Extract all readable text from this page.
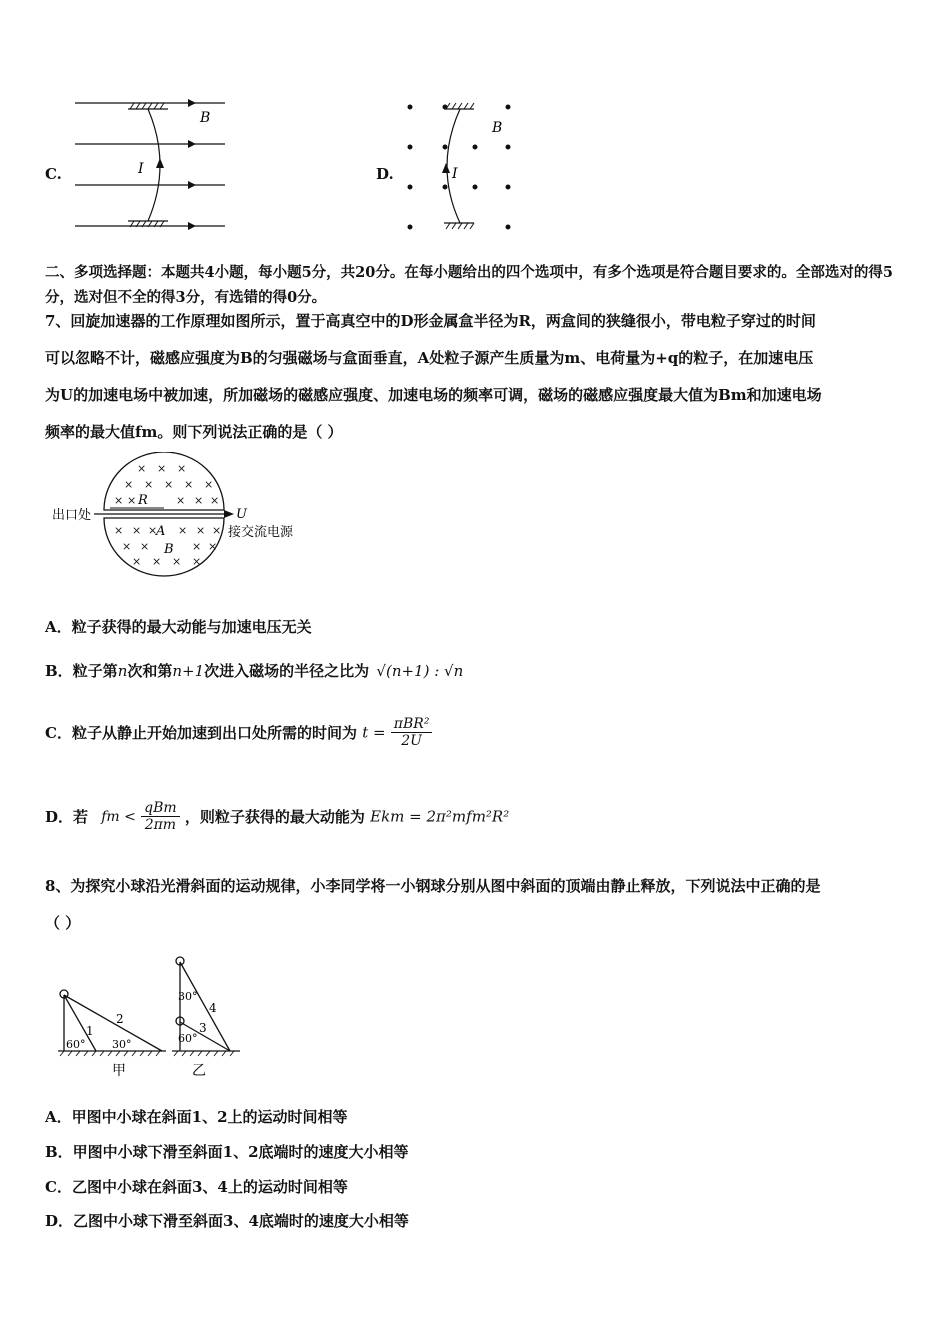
C.
B
I	D.
B
I
二、多项选择题：本题共4小题，每小题5分，共20分。在每小题给出的四个选项中，有多个选项是符合题目要求的。全部选对的得5分，选对但不全的得3分，有选错的得0分。
7、回旋加速器的工作原理如图所示，置于高真空中的D形金属盒半径为R，两盒间的狭缝很小，带电粒子穿过的时间
可以忽略不计，磁感应强度为B的匀强磁场与盒面垂直，A处粒子源产生质量为m、电荷量为+q的粒子，在加速电压
为U的加速电场中被加速，所加磁场的磁感应强度、加速电场的频率可调，磁场的磁感应强度最大值为Bm和加速电场
频率的最大值fm。则下列说法正确的是（ ）
× × ×
× × × × ×
× ×	× × ×
× × × × × ×
× ×	× ×
× × × ×
R
A
B
出口处	U
接交流电源
A．粒子获得的最大动能与加速电压无关
B．粒子第n次和第n+1次进入磁场的半径之比为 √(n+1) : √n
C．粒子从静止开始加速到出口处所需的时间为 $t = \frac{\text{πBR²}}{2U}$
D．若 fm < $\frac{\text{qBm}}{2\pi m}$ ，则粒子获得的最大动能为 Ekm = 2π²mfm²R²
8、为探究小球沿光滑斜面的运动规律，小李同学将一小钢球分别从图中斜面的顶端由静止释放，下列说法中正确的是
（ ）
1
2
60° 30°
甲
4
3
30°
60°
乙
A．甲图中小球在斜面1、2上的运动时间相等
B．甲图中小球下滑至斜面1、2底端时的速度大小相等
C．乙图中小球在斜面3、4上的运动时间相等
D．乙图中小球下滑至斜面3、4底端时的速度大小相等
